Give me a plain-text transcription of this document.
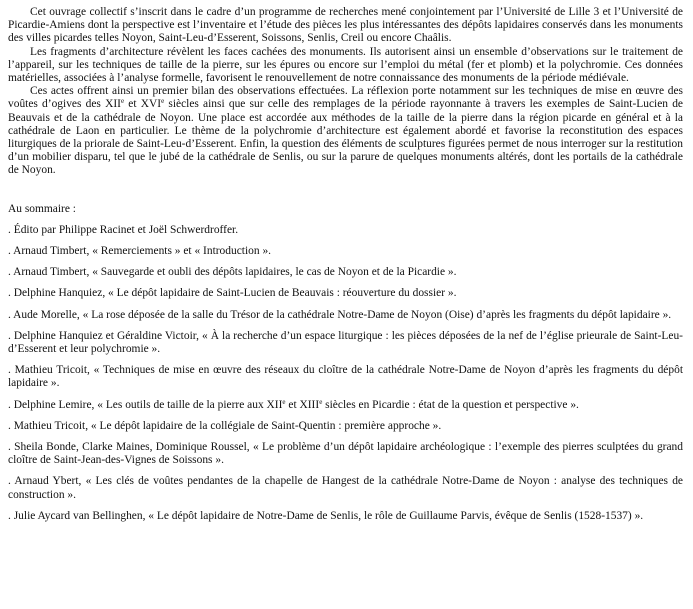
Cet ouvrage collectif s’inscrit dans le cadre d’un programme de recherches mené conjointement par l’Université de Lille 3 et l’Université de Picardie-Amiens dont la perspective est l’inventaire et l’étude des pièces les plus intéressantes des dépôts lapidaires conservés dans les monuments des villes picardes telles Noyon, Saint-Leu-d’Esserent, Soissons, Senlis, Creil ou encore Chaâlis.

Les fragments d’architecture révèlent les faces cachées des monuments. Ils autorisent ainsi un ensemble d’observations sur le traitement de l’appareil, sur les techniques de taille de la pierre, sur les épures ou encore sur l’emploi du métal (fer et plomb) et la polychromie. Ces données matérielles, associées à l’analyse formelle, favorisent le renouvellement de notre connaissance des monuments de la période médiévale.

Ces actes offrent ainsi un premier bilan des observations effectuées. La réflexion porte notamment sur les techniques de mise en œuvre des voûtes d’ogives des XIIe et XVIe siècles ainsi que sur celle des remplages de la période rayonnante à travers les exemples de Saint-Lucien de Beauvais et de la cathédrale de Noyon. Une place est accordée aux méthodes de la taille de la pierre dans la région picarde en général et à la cathédrale de Laon en particulier. Le thème de la polychromie d’architecture est également abordé et favorise la reconstitution des espaces liturgiques de la priorale de Saint-Leu-d’Esserent. Enfin, la question des éléments de sculptures figurées permet de nous interroger sur la restitution d’un mobilier disparu, tel que le jubé de la cathédrale de Senlis, ou sur la parure de quelques monuments altérés, dont les portails de la cathédrale de Noyon.

Au sommaire :
. Édito par Philippe Racinet et Joël Schwerdroffer.
. Arnaud Timbert, « Remerciements » et « Introduction ».
. Arnaud Timbert, « Sauvegarde et oubli des dépôts lapidaires, le cas de Noyon et de la Picardie ».
. Delphine Hanquiez, « Le dépôt lapidaire de Saint-Lucien de Beauvais : réouverture du dossier ».
. Aude Morelle, « La rose déposée de la salle du Trésor de la cathédrale Notre-Dame de Noyon (Oise) d’après les fragments du dépôt lapidaire ».
. Delphine Hanquiez et Géraldine Victoir, « À la recherche d’un espace liturgique : les pièces déposées de la nef de l’église prieurale de Saint-Leu-d’Esserent et leur polychromie ».
. Mathieu Tricoit, « Techniques de mise en œuvre des réseaux du cloître de la cathédrale Notre-Dame de Noyon d’après les fragments du dépôt lapidaire ».
. Delphine Lemire, « Les outils de taille de la pierre aux XIIe et XIIIe siècles en Picardie : état de la question et perspective ».
. Mathieu Tricoit, « Le dépôt lapidaire de la collégiale de Saint-Quentin : première approche ».
. Sheila Bonde, Clarke Maines, Dominique Roussel, « Le problème d’un dépôt lapidaire archéologique : l’exemple des pierres sculptées du grand cloître de Saint-Jean-des-Vignes de Soissons ».
. Arnaud Ybert, « Les clés de voûtes pendantes de la chapelle de Hangest de la cathédrale Notre-Dame de Noyon : analyse des techniques de construction ».
. Julie Aycard van Bellinghen, « Le dépôt lapidaire de Notre-Dame de Senlis, le rôle de Guillaume Parvis, évêque de Senlis (1528-1537) ».
